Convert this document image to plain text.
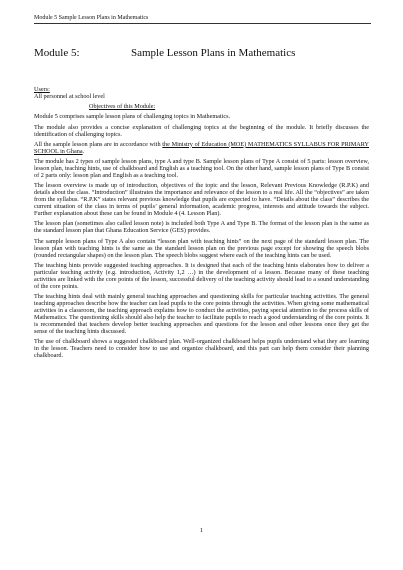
Module 5 Sample Lesson Plans in Mathematics
Module 5:	Sample Lesson Plans in Mathematics

Users:

All personnel at school level

Objectives of this Module:

Module 5 comprises sample lesson plans of challenging topics in Mathematics.

The module also provides a concise explanation of challenging topics at the beginning of the module. It briefly discusses the identification of challenging topics.

All the sample lesson plans are in accordance with the Ministry of Education (MOE) MATHEMATICS SYLLABUS FOR PRIMARY SCHOOL in Ghana.

The module has 2 types of sample lesson plans, type A and type B. Sample lesson plans of Type A consist of 5 parts: lesson overview, lesson plan, teaching hints, use of chalkboard and English as a teaching tool. On the other hand, sample lesson plans of Type B consist of 2 parts only: lesson plan and English as a teaching tool.

The lesson overview is made up of introduction, objectives of the topic and the lesson, Relevant Previous Knowledge (R.P.K) and details about the class. “Introduction” illustrates the importance and relevance of the lesson to a real life. All the “objectives” are taken from the syllabus. “R.P.K” states relevant previous knowledge that pupils are expected to have. “Details about the class” describes the current situation of the class in terms of pupils’ general information, academic progress, interests and attitude towards the subject. Further explanation about these can be found in Module 4 (4. Lesson Plan).

The lesson plan (sometimes also called lesson note) is included both Type A and Type B. The format of the lesson plan is the same as the standard lesson plan that Ghana Education Service (GES) provides.

The sample lesson plans of Type A also contain “lesson plan with teaching hints” on the next page of the standard lesson plan. The lesson plan with teaching hints is the same as the standard lesson plan on the previous page except for showing the speech blobs (rounded rectangular shapes) on the lesson plan. The speech blobs suggest where each of the teaching hints can be used.

The teaching hints provide suggested teaching approaches. It is designed that each of the teaching hints elaborates how to deliver a particular teaching activity (e.g. introduction, Activity 1,2 …) in the development of a lesson. Because many of these teaching activities are linked with the core points of the lesson, successful delivery of the teaching activity should lead to a sound understanding of the core points.

The teaching hints deal with mainly general teaching approaches and questioning skills for particular teaching activities. The general teaching approaches describe how the teacher can lead pupils to the core points through the activities. When giving some mathematical activities in a classroom, the teaching approach explains how to conduct the activities, paying special attention to the process skills of Mathematics. The questioning skills should also help the teacher to facilitate pupils to reach a good understanding of the core points. It is recommended that teachers develop better teaching approaches and questions for the lesson and other lessons once they get the sense of the teaching hints discussed.

The use of chalkboard shows a suggested chalkboard plan. Well-organized chalkboard helps pupils understand what they are learning in the lesson. Teachers need to consider how to use and organize chalkboard, and this part can help them consider their planning chalkboard.

1
